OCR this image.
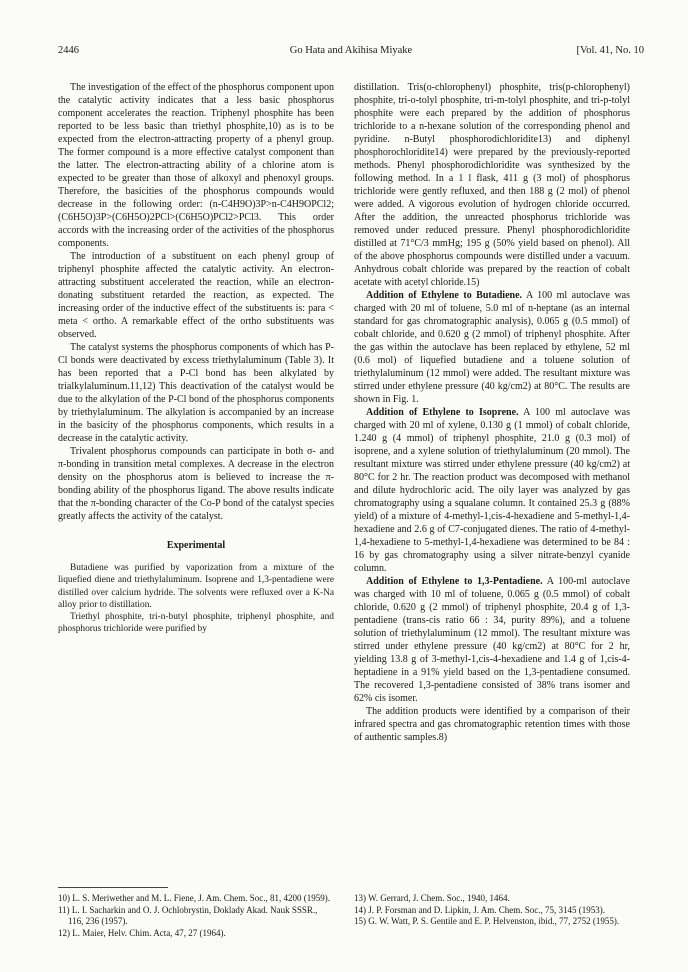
2446	Go Hata and Akihisa Miyake	[Vol. 41, No. 10

The investigation of the effect of the phosphorus component upon the catalytic activity indicates that a less basic phosphorus component accelerates the reaction. Triphenyl phosphite has been reported to be less basic than triethyl phosphite,10) as is to be expected from the electron-attracting property of a phenyl group. The former compound is a more effective catalyst component than the latter. The electron-attracting ability of a chlorine atom is expected to be greater than those of alkoxyl and phenoxyl groups. Therefore, the basicities of the phosphorus compounds would decrease in the following order: (n-C4H9O)3P>n-C4H9OPCl2; (C6H5O)3P>(C6H5O)2PCl>(C6H5O)PCl2>PCl3. This order accords with the increasing order of the activities of the phosphorus components.

The introduction of a substituent on each phenyl group of triphenyl phosphite affected the catalytic activity. An electron-attracting substituent accelerated the reaction, while an electron-donating substituent retarded the reaction, as expected. The increasing order of the inductive effect of the substituents is: para < meta < ortho. A remarkable effect of the ortho substituents was observed.

The catalyst systems the phosphorus components of which has P-Cl bonds were deactivated by excess triethylaluminum (Table 3). It has been reported that a P-Cl bond has been alkylated by trialkylaluminum.11,12) This deactivation of the catalyst would be due to the alkylation of the P-Cl bond of the phosphorus components by triethylaluminum. The alkylation is accompanied by an increase in the basicity of the phosphorus components, which results in a decrease in the catalytic activity.

Trivalent phosphorus compounds can participate in both σ- and π-bonding in transition metal complexes. A decrease in the electron density on the phosphorus atom is believed to increase the π-bonding ability of the phosphorus ligand. The above results indicate that the π-bonding character of the Co-P bond of the catalyst species greatly affects the activity of the catalyst.

Experimental

Butadiene was purified by vaporization from a mixture of the liquefied diene and triethylaluminum. Isoprene and 1,3-pentadiene were distilled over calcium hydride. The solvents were refluxed over a K-Na alloy prior to distillation.

Triethyl phosphite, tri-n-butyl phosphite, triphenyl phosphite, and phosphorus trichloride were purified by

distillation. Tris(o-chlorophenyl) phosphite, tris(p-chlorophenyl) phosphite, tri-o-tolyl phosphite, tri-m-tolyl phosphite, and tri-p-tolyl phosphite were each prepared by the addition of phosphorus trichloride to a n-hexane solution of the corresponding phenol and pyridine. n-Butyl phosphorodichloridite13) and diphenyl phosphorochloridite14) were prepared by the previously-reported methods. Phenyl phosphorodichloridite was synthesized by the following method. In a 1 l flask, 411 g (3 mol) of phosphorus trichloride were gently refluxed, and then 188 g (2 mol) of phenol were added. A vigorous evolution of hydrogen chloride occurred. After the addition, the unreacted phosphorus trichloride was removed under reduced pressure. Phenyl phosphorodichloridite distilled at 71°C/3 mmHg; 195 g (50% yield based on phenol). All of the above phosphorus compounds were distilled under a vacuum. Anhydrous cobalt chloride was prepared by the reaction of cobalt acetate with acetyl chloride.15)

Addition of Ethylene to Butadiene. A 100 ml autoclave was charged with 20 ml of toluene, 5.0 ml of n-heptane (as an internal standard for gas chromatographic analysis), 0.065 g (0.5 mmol) of cobalt chloride, and 0.620 g (2 mmol) of triphenyl phosphite. After the gas within the autoclave has been replaced by ethylene, 52 ml (0.6 mol) of liquefied butadiene and a toluene solution of triethylaluminum (12 mmol) were added. The resultant mixture was stirred under ethylene pressure (40 kg/cm2) at 80°C. The results are shown in Fig. 1.

Addition of Ethylene to Isoprene. A 100 ml autoclave was charged with 20 ml of xylene, 0.130 g (1 mmol) of cobalt chloride, 1.240 g (4 mmol) of triphenyl phosphite, 21.0 g (0.3 mol) of isoprene, and a xylene solution of triethylaluminum (20 mmol). The resultant mixture was stirred under ethylene pressure (40 kg/cm2) at 80°C for 2 hr. The reaction product was decomposed with methanol and dilute hydrochloric acid. The oily layer was analyzed by gas chromatography using a squalane column. It contained 25.3 g (88% yield) of a mixture of 4-methyl-1,cis-4-hexadiene and 5-methyl-1,4-hexadiene and 2.6 g of C7-conjugated dienes. The ratio of 4-methyl-1,4-hexadiene to 5-methyl-1,4-hexadiene was determined to be 84 : 16 by gas chromatography using a silver nitrate-benzyl cyanide column.

Addition of Ethylene to 1,3-Pentadiene. A 100-ml autoclave was charged with 10 ml of toluene, 0.065 g (0.5 mmol) of cobalt chloride, 0.620 g (2 mmol) of triphenyl phosphite, 20.4 g of 1,3-pentadiene (trans-cis ratio 66 : 34, purity 89%), and a toluene solution of triethylaluminum (12 mmol). The resultant mixture was stirred under ethylene pressure (40 kg/cm2) at 80°C for 2 hr, yielding 13.8 g of 3-methyl-1,cis-4-hexadiene and 1.4 g of 1,cis-4-heptadiene in a 91% yield based on the 1,3-pentadiene consumed. The recovered 1,3-pentadiene consisted of 38% trans isomer and 62% cis isomer.

The addition products were identified by a comparison of their infrared spectra and gas chromatographic retention times with those of authentic samples.8)

10) L. S. Meriwether and M. L. Fiene, J. Am. Chem. Soc., 81, 4200 (1959).
11) L. I. Sacharkin and O. J. Ochlobrystin, Doklady Akad. Nauk SSSR., 116, 236 (1957).
12) L. Maier, Helv. Chim. Acta, 47, 27 (1964).
13) W. Gerrard, J. Chem. Soc., 1940, 1464.
14) J. P. Forsman and D. Lipkin, J. Am. Chem. Soc., 75, 3145 (1953).
15) G. W. Watt, P. S. Gentile and E. P. Helvenston, ibid., 77, 2752 (1955).
